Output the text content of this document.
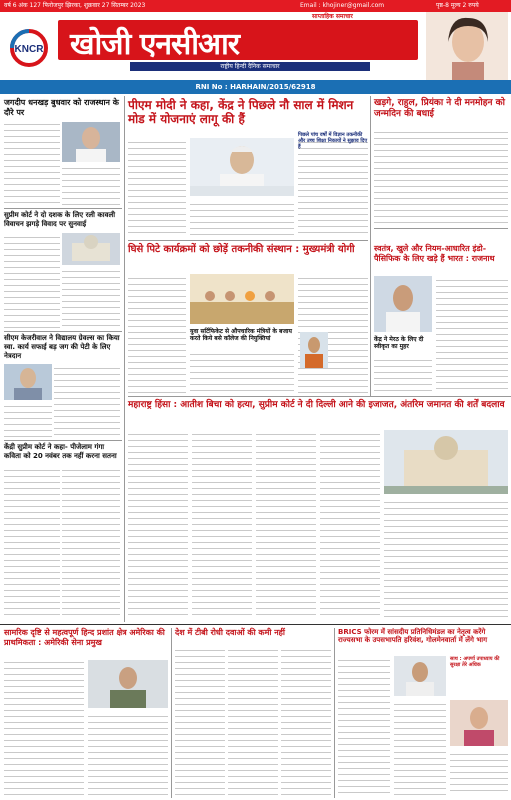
वर्ष 6 अंक 127 फिरोजपुर झिरका, शुक्रवार 27 सितम्बर 2023	Email : khojiner@gmail.com	पृष्ठ-8 मूल्य 2 रुपये
KNCR
साप्ताहिक समाचार
खोजी एनसीआर
राष्ट्रीय हिन्दी दैनिक समाचार
RNI No : HARHAIN/2015/62918
जगदीप धनखड़ बुधवार को राजस्थान के दौरे पर
सुप्रीम कोर्ट ने दो दशक के लिए रली कावली विवाचन झगड़े विवाद पर सुनवाई
सीएम केजरीवाल ने विद्यालय ग्रेवल्स का किया स्वा. कार्य सफाई बड़ जग की पेटी के लिए नेत्रदान
केंद्री सुप्रीम कोर्ट ने कहा- पीजेलाम गंगा कविता को 20 नवंबर तक नहीं करना सतना
पीएम मोदी ने कहा, केंद्र ने पिछले नौ साल में मिशन मोड में योजनाएं लागू की हैं
पिछले पांच वर्षों में विज्ञान तकनीकी और उच्च शिक्षा निकायों ने सुझाव दिए हैं
घिसे पिटे कार्यक्रमों को छोड़ें तकनीकी संस्थान : मुख्यमंत्री योगी
युवा सर्टिफिकेट से औपचारिक मंत्रियों के बजाय करते किये बसे कॉलेज की नियुक्तियां
महाराष्ट्र हिंसा : आतीश बिचा को हत्या, सुप्रीम कोर्ट ने दी दिल्ली आने की इजाजत, अंतरिम जमानत की शर्तें बदलाव
खड़गे, राहुल, प्रियंका ने दी मनमोहन को जन्मदिन की बधाई
स्वतंत्र, खुले और नियम-आधारित इंडो-पैसिफिक के लिए खड़े हैं भारत : राजनाथ
केंद्र ने मेरठ के लिए दी स्वीकृत का मुहर
सामरिक दृष्टि से महत्वपूर्ण हिन्द प्रशांत क्षेत्र अमेरिका की प्राथमिकता : अमेरिकी सेना प्रमुख
देश में टीबी रोधी दवाओं की कमी नहीं	BRICS फोरम में सांसदीय प्रतिनिधिमंडल का नेतृत्व करेंगे राज्यसभा के उपसभापति हरिवंश, गोलमेनवार्ता में लेंगे भाग
साथ : अपर्णा उपाध्याय की सुरक्षा तेरे अधिक
